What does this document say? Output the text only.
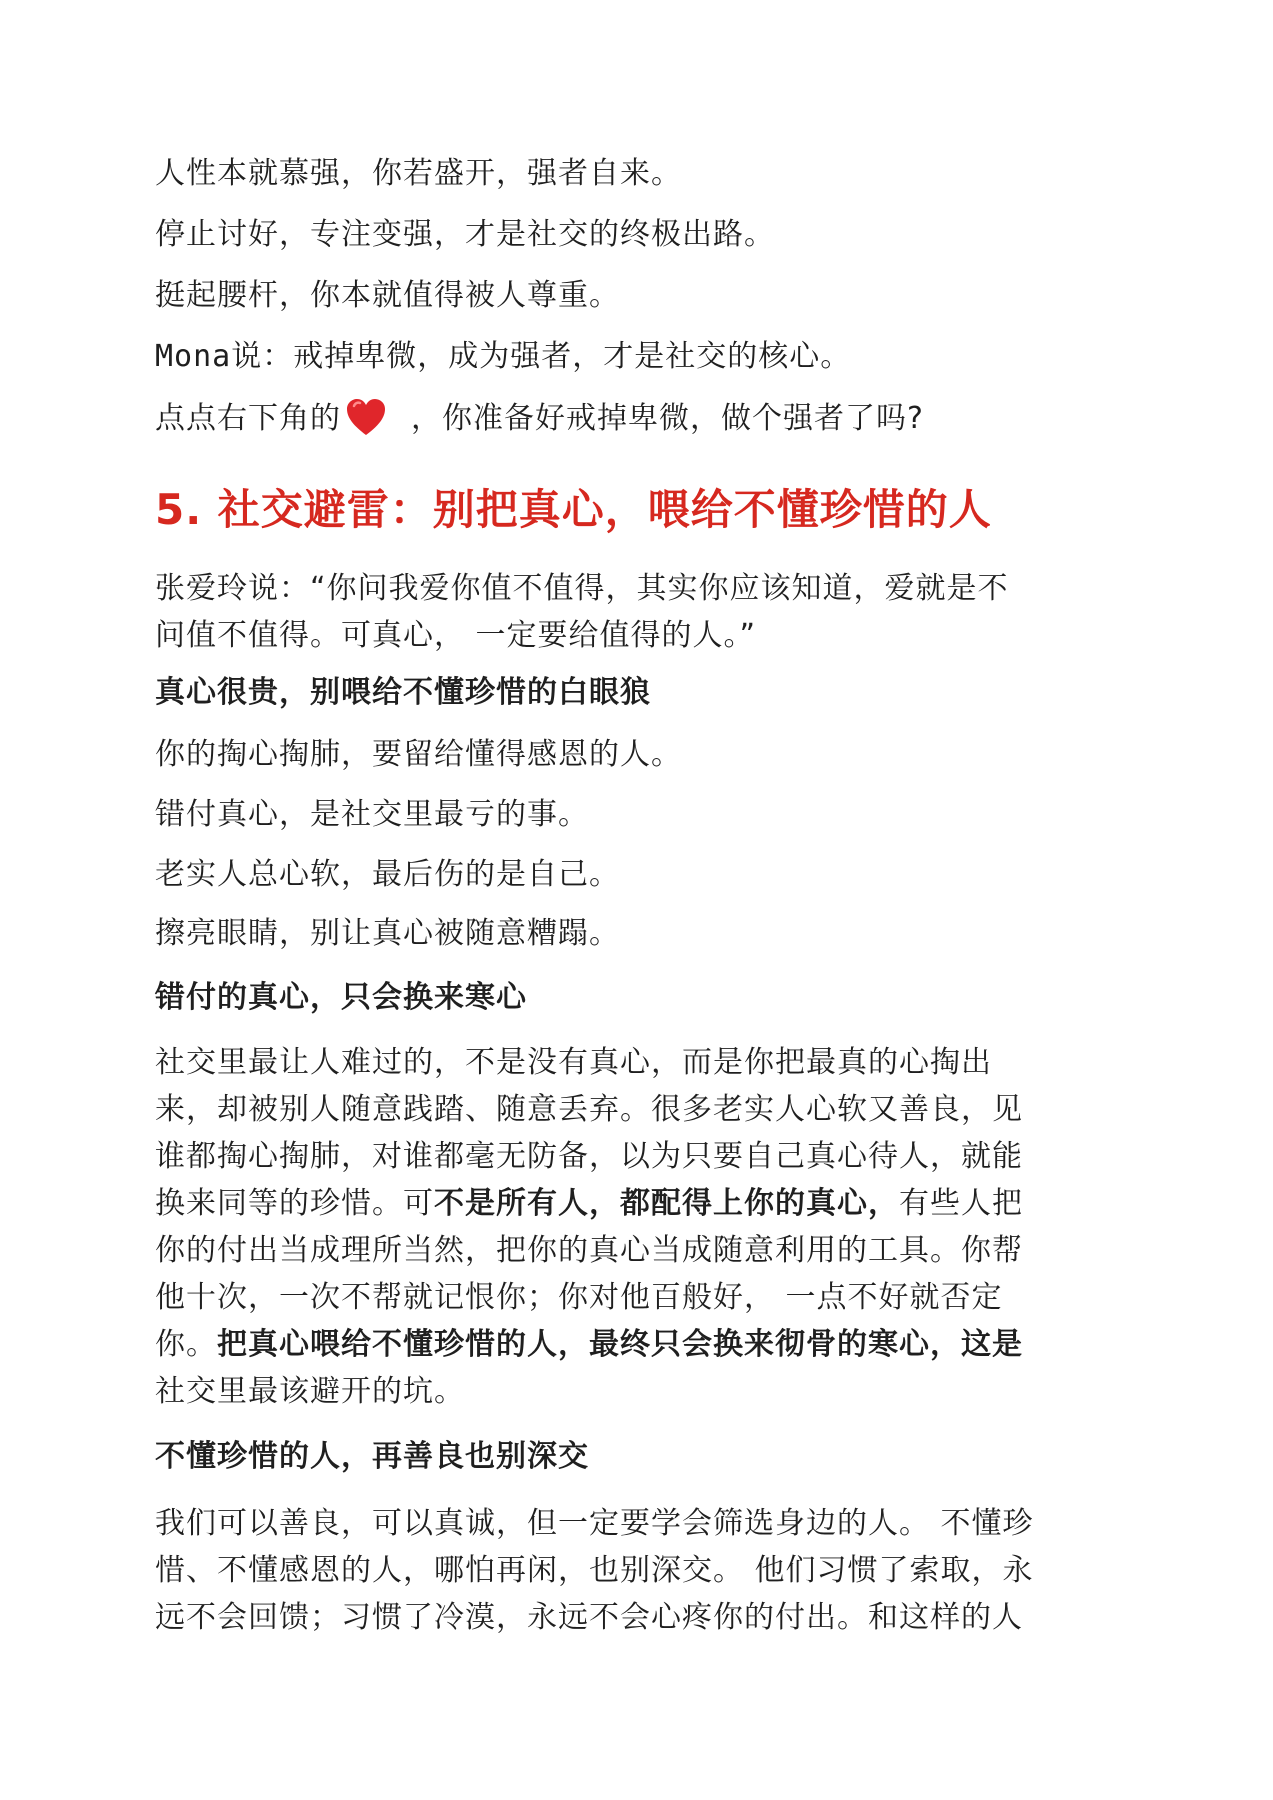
人性本就慕强，你若盛开，强者自来。

停止讨好，专注变强，才是社交的终极出路。

挺起腰杆，你本就值得被人尊重。

Mona说：戒掉卑微，成为强者，才是社交的核心。

点点右下角的 ，你准备好戒掉卑微，做个强者了吗?

5. 社交避雷：别把真心，喂给不懂珍惜的人
张爱玲说：“你问我爱你值不值得，其实你应该知道，爱就是不
问值不值得。可真心， 一定要给值得的人。”
真心很贵，别喂给不懂珍惜的白眼狼

你的掏心掏肺，要留给懂得感恩的人。

错付真心，是社交里最亏的事。

老实人总心软，最后伤的是自己。

擦亮眼睛，别让真心被随意糟蹋。

错付的真心，只会换来寒心
社交里最让人难过的，不是没有真心，而是你把最真的心掏出
来，却被别人随意践踏、随意丢弃。很多老实人心软又善良，见
谁都掏心掏肺，对谁都毫无防备，以为只要自己真心待人，就能
换来同等的珍惜。可不是所有人，都配得上你的真心，有些人把
你的付出当成理所当然，把你的真心当成随意利用的工具。你帮
他十次，一次不帮就记恨你；你对他百般好， 一点不好就否定
你。把真心喂给不懂珍惜的人，最终只会换来彻骨的寒心，这是
社交里最该避开的坑。
不懂珍惜的人，再善良也别深交
我们可以善良，可以真诚，但一定要学会筛选身边的人。 不懂珍
惜、不懂感恩的人，哪怕再闲，也别深交。 他们习惯了索取，永
远不会回馈；习惯了冷漠，永远不会心疼你的付出。和这样的人
